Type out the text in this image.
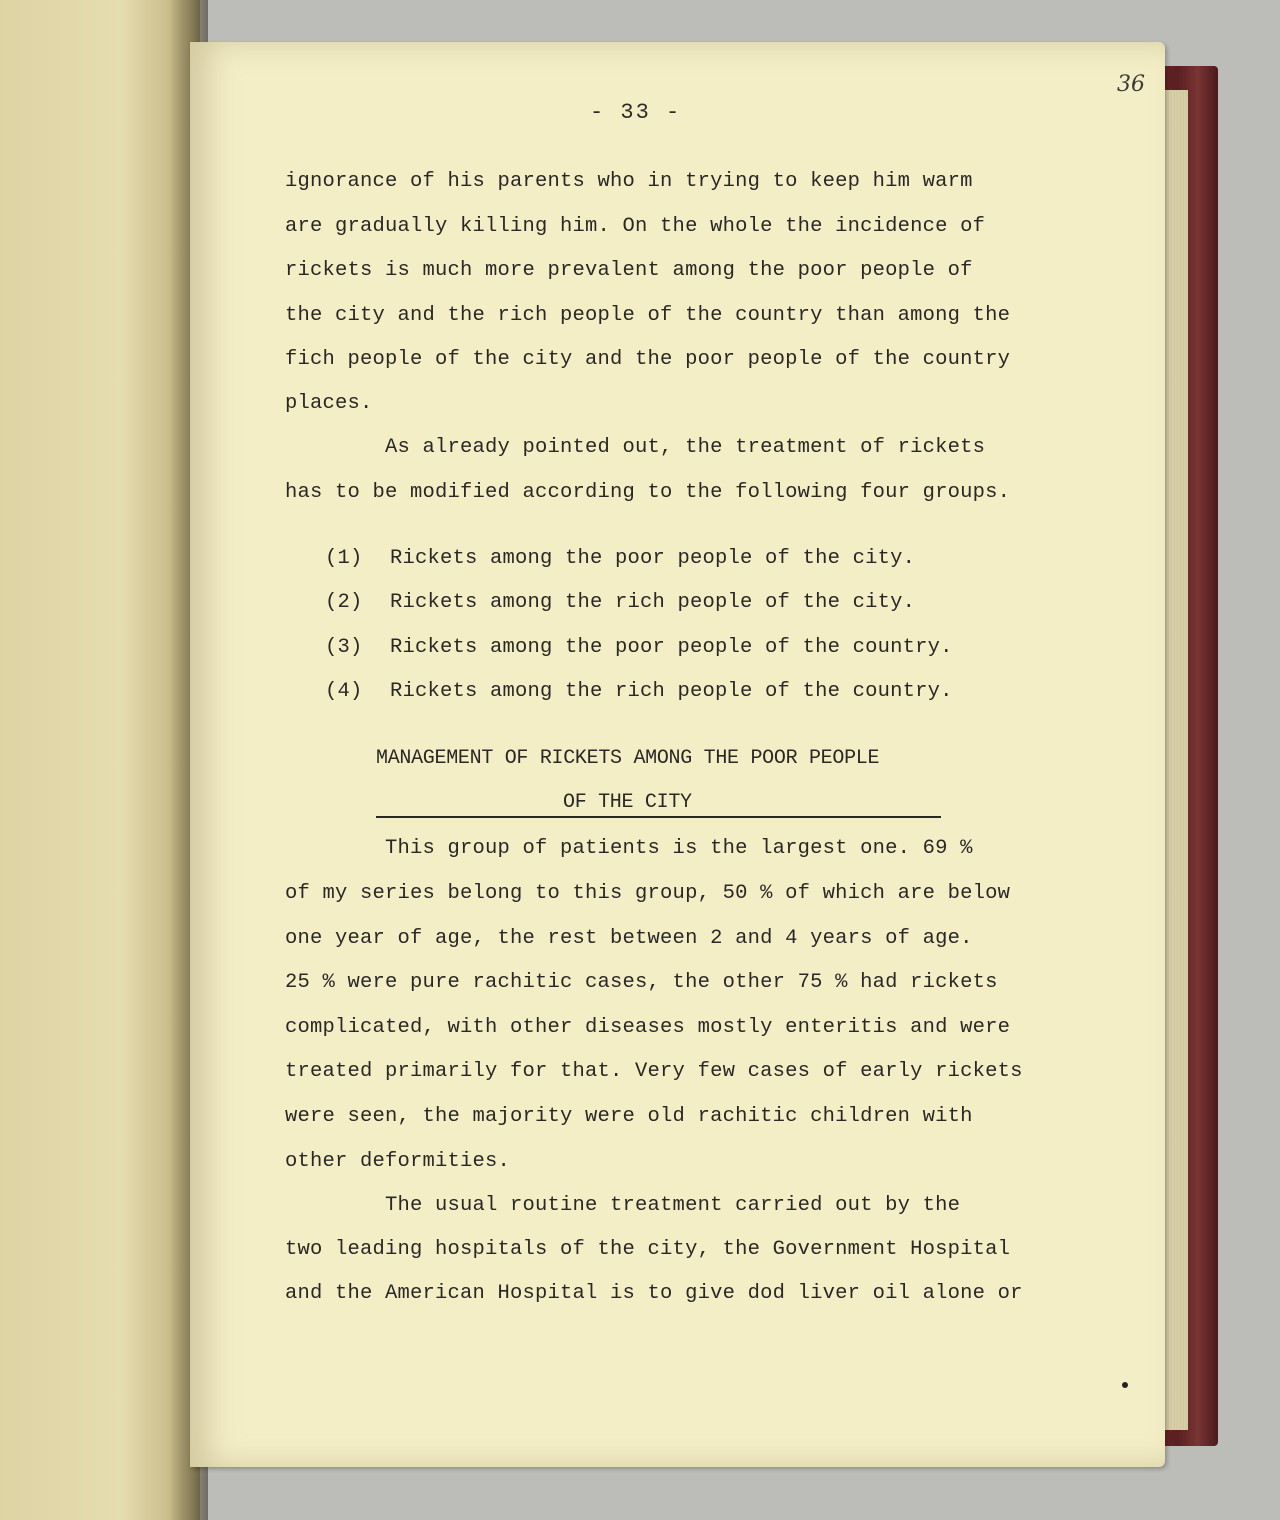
36
- 33 -
ignorance of his parents who in trying to keep him warm
are gradually killing him. On the whole the incidence of
rickets is much more prevalent among the poor people of
the city and the rich people of the country than among the
fich people of the city and the poor people of the country
places.
As already pointed out, the treatment of rickets
has to be modified according to the following four groups.
(1) Rickets among the poor people of the city.
(2) Rickets among the rich people of the city.
(3) Rickets among the poor people of the country.
(4) Rickets among the rich people of the country.
MANAGEMENT OF RICKETS AMONG THE POOR PEOPLE
OF THE CITY
This group of patients is the largest one. 69 %
of my series belong to this group, 50 % of which are below
one year of age, the rest between 2 and 4 years of age.
25 % were pure rachitic cases, the other 75 % had rickets
complicated, with other diseases mostly enteritis and were
treated primarily for that. Very few cases of early rickets
were seen, the majority were old rachitic children with
other deformities.
The usual routine treatment carried out by the
two leading hospitals of the city, the Government Hospital
and the American Hospital is to give dod liver oil alone or
